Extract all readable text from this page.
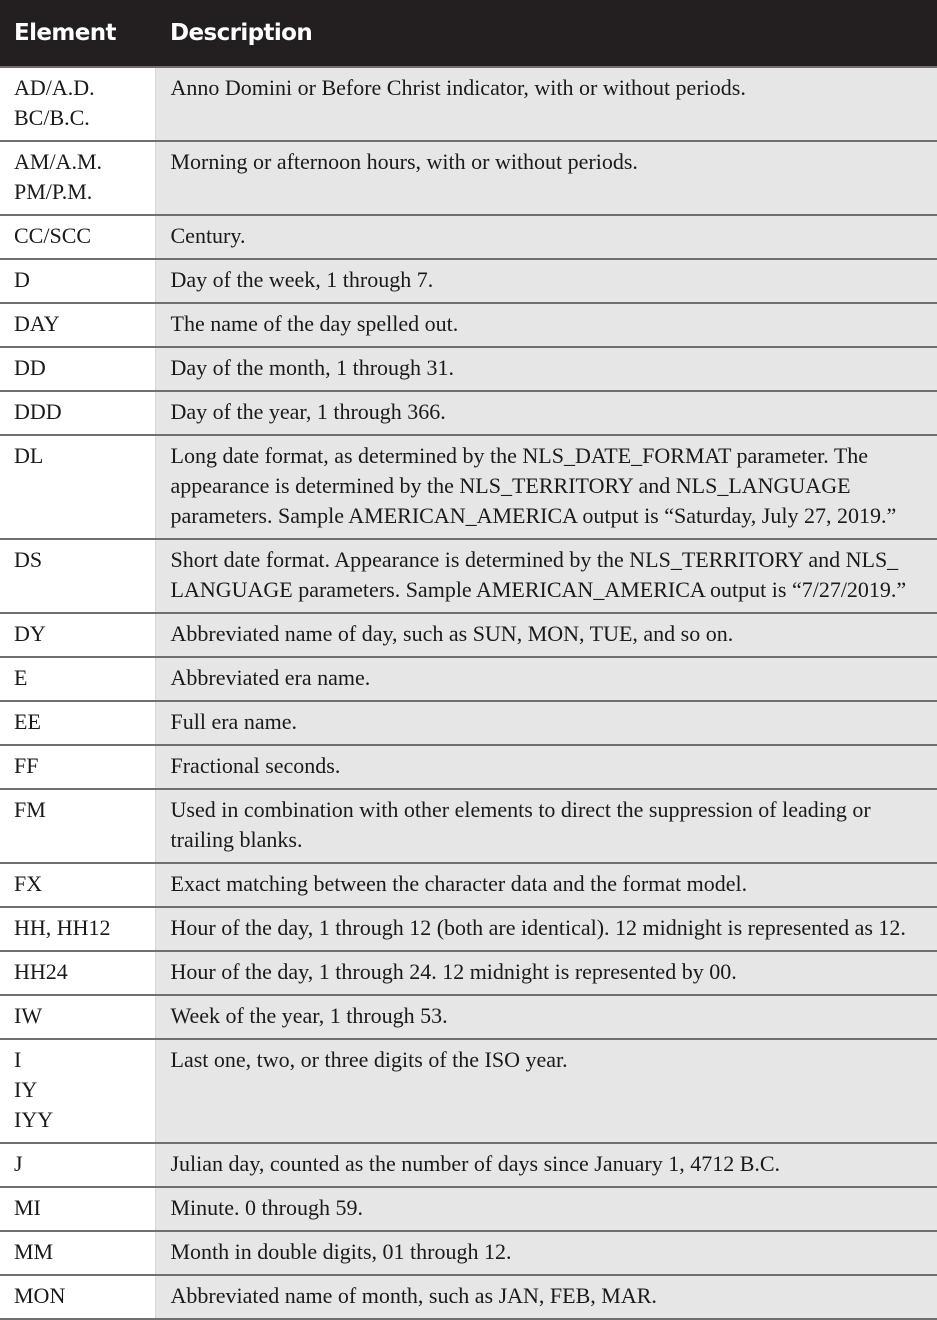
Element	Description
AD/A.D.
BC/B.C.	Anno Domini or Before Christ indicator, with or without periods.
AM/A.M.
PM/P.M.	Morning or afternoon hours, with or without periods.
CC/SCC	Century.
D	Day of the week, 1 through 7.
DAY	The name of the day spelled out.
DD	Day of the month, 1 through 31.
DDD	Day of the year, 1 through 366.
DL	Long date format, as determined by the NLS_DATE_FORMAT parameter. The appearance is determined by the NLS_TERRITORY and NLS_LANGUAGE parameters. Sample AMERICAN_AMERICA output is “Saturday, July 27, 2019.”
DS	Short date format. Appearance is determined by the NLS_TERRITORY and NLS_
LANGUAGE parameters. Sample AMERICAN_AMERICA output is “7/27/2019.”
DY	Abbreviated name of day, such as SUN, MON, TUE, and so on.
E	Abbreviated era name.
EE	Full era name.
FF	Fractional seconds.
FM	Used in combination with other elements to direct the suppression of leading or trailing blanks.
FX	Exact matching between the character data and the format model.
HH, HH12	Hour of the day, 1 through 12 (both are identical). 12 midnight is represented as 12.
HH24	Hour of the day, 1 through 24. 12 midnight is represented by 00.
IW	Week of the year, 1 through 53.
I
IY
IYY	Last one, two, or three digits of the ISO year.
J	Julian day, counted as the number of days since January 1, 4712 B.C.
MI	Minute. 0 through 59.
MM	Month in double digits, 01 through 12.
MON	Abbreviated name of month, such as JAN, FEB, MAR.
